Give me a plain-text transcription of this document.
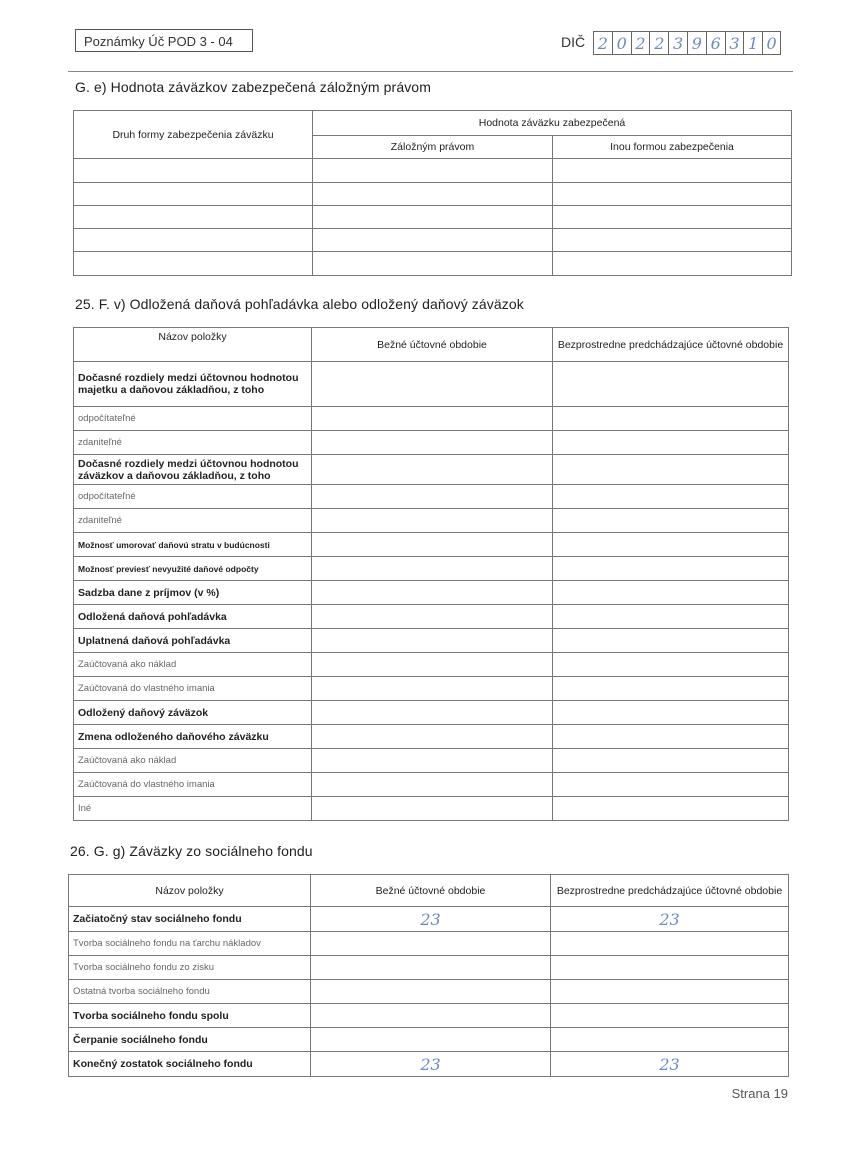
Poznámky Úč POD 3 - 04	DIČ 2 0 2 2 3 9 6 3 1 0
G. e) Hodnota záväzkov zabezpečená záložným právom
Druh formy zabezpečenia záväzku	Hodnota záväzku zabezpečená	
	Záložným právom	Inou formou zabezpečenia

25. F. v) Odložená daňová pohľadávka alebo odložený daňový záväzok
Názov položky	Bežné účtovné obdobie	Bezprostredne predchádzajúce účtovné obdobie
Dočasné rozdiely medzi účtovnou hodnotou majetku a daňovou základňou, z toho		
odpočítateľné		
zdaniteľné		
Dočasné rozdiely medzi účtovnou hodnotou záväzkov a daňovou základňou, z toho		
odpočítateľné		
zdaniteľné		
Možnosť umorovať daňovú stratu v budúcnosti		
Možnosť previesť nevyužité daňové odpočty		
Sadzba dane z príjmov (v %)		
Odložená daňová pohľadávka		
Uplatnená daňová pohľadávka		
Zaúčtovaná ako náklad		
Zaúčtovaná do vlastného imania		
Odložený daňový záväzok		
Zmena odloženého daňového záväzku		
Zaúčtovaná ako náklad		
Zaúčtovaná do vlastného imania		
Iné		
26. G. g) Záväzky zo sociálneho fondu
Názov položky	Bežné účtovné obdobie	Bezprostredne predchádzajúce účtovné obdobie
Začiatočný stav sociálneho fondu	23	23
Tvorba sociálneho fondu na ťarchu nákladov		
Tvorba sociálneho fondu zo zisku		
Ostatná tvorba sociálneho fondu		
Tvorba sociálneho fondu spolu		
Čerpanie sociálneho fondu		
Konečný zostatok sociálneho fondu	23	23
Strana 19
